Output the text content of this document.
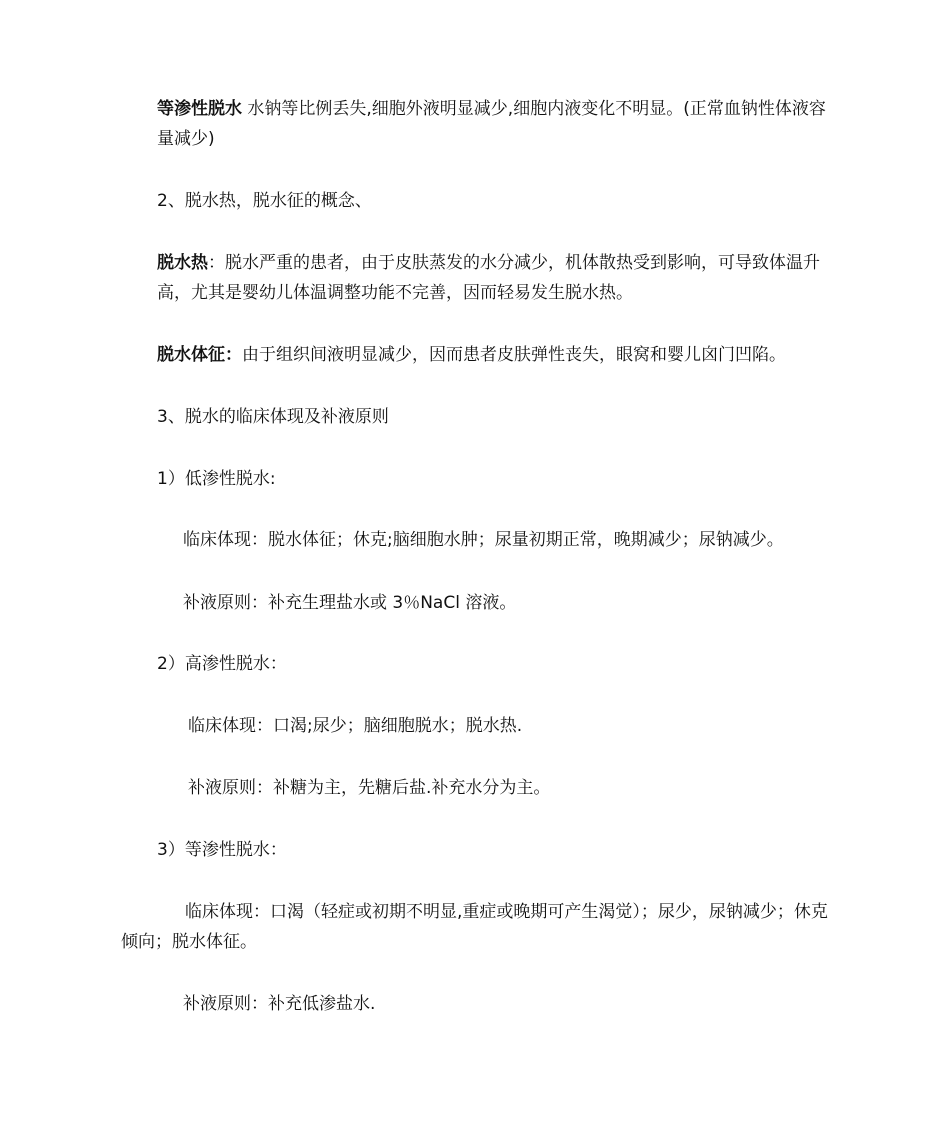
等渗性脱水 水钠等比例丢失,细胞外液明显减少,细胞内液变化不明显。(正常血钠性体液容量减少)

2、脱水热，脱水征的概念、

脱水热：脱水严重的患者，由于皮肤蒸发的水分减少，机体散热受到影响，可导致体温升高，尤其是婴幼儿体温调整功能不完善，因而轻易发生脱水热。

脱水体征：由于组织间液明显减少，因而患者皮肤弹性丧失，眼窝和婴儿囟门凹陷。

3、脱水的临床体现及补液原则

1）低渗性脱水:

临床体现：脱水体征；休克;脑细胞水肿；尿量初期正常，晚期减少；尿钠减少。

补液原则：补充生理盐水或 3％NaCl 溶液。

2）高渗性脱水：

临床体现：口渴;尿少；脑细胞脱水；脱水热.

补液原则：补糖为主，先糖后盐.补充水分为主。

3）等渗性脱水：

临床体现：口渴（轻症或初期不明显,重症或晚期可产生渴觉）；尿少，尿钠减少；休克倾向；脱水体征。

补液原则：补充低渗盐水.
